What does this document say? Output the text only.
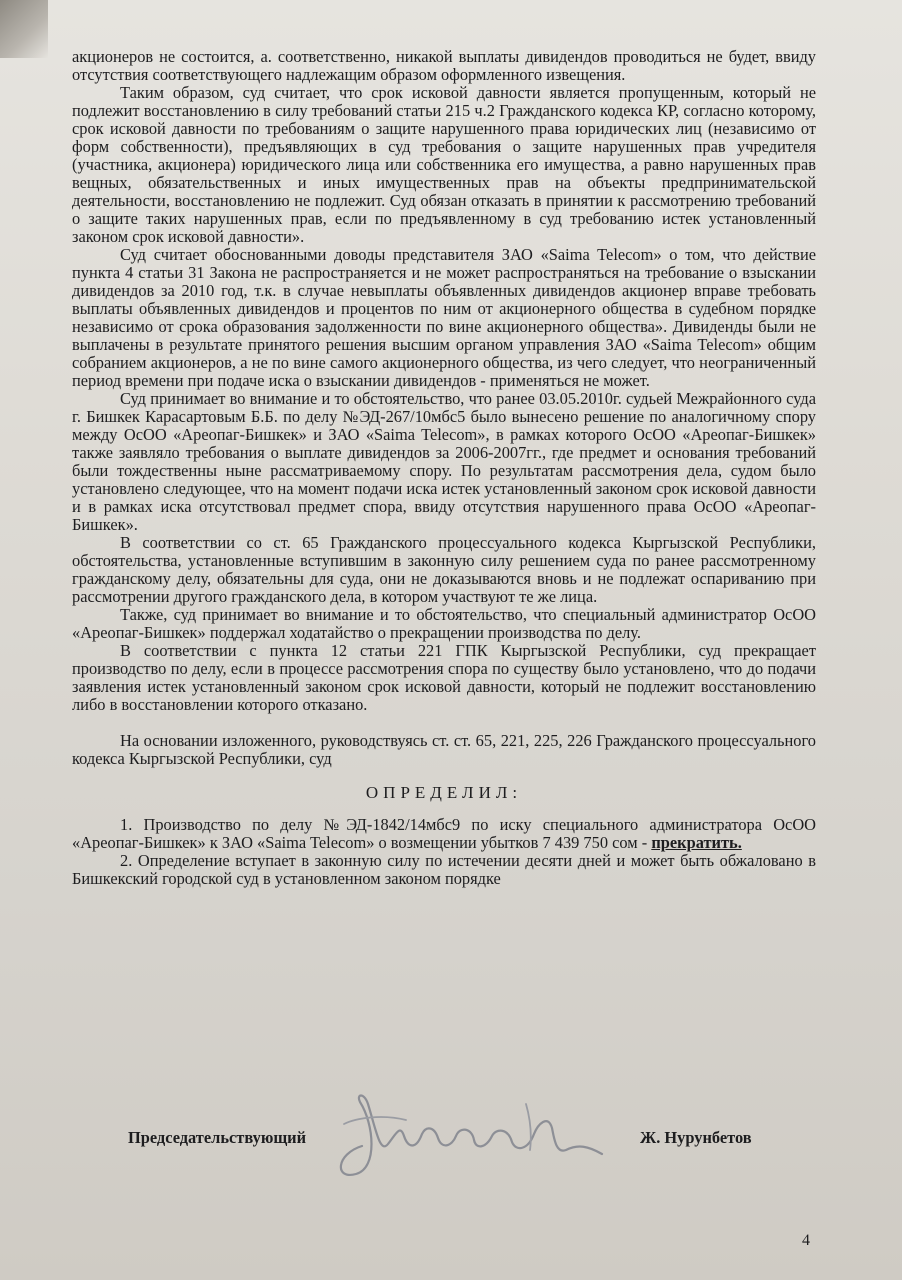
акционеров не состоится, а. соответственно, никакой выплаты дивидендов проводиться не будет, ввиду отсутствия соответствующего надлежащим образом оформленного извещения.

Таким образом, суд считает, что срок исковой давности является пропущенным, который не подлежит восстановлению в силу требований статьи 215 ч.2 Гражданского кодекса КР, согласно которому, срок исковой давности по требованиям о защите нарушенного права юридических лиц (независимо от форм собственности), предъявляющих в суд требования о защите нарушенных прав учредителя (участника, акционера) юридического лица или собственника его имущества, а равно нарушенных прав вещных, обязательственных и иных имущественных прав на объекты предпринимательской деятельности, восстановлению не подлежит. Суд обязан отказать в принятии к рассмотрению требований о защите таких нарушенных прав, если по предъявленному в суд требованию истек установленный законом срок исковой давности».

Суд считает обоснованными доводы представителя ЗАО «Saima Telecom» о том, что действие пункта 4 статьи 31 Закона не распространяется и не может распространяться на требование о взыскании дивидендов за 2010 год, т.к. в случае невыплаты объявленных дивидендов акционер вправе требовать выплаты объявленных дивидендов и процентов по ним от акционерного общества в судебном порядке независимо от срока образования задолженности по вине акционерного общества». Дивиденды были не выплачены в результате принятого решения высшим органом управления ЗАО «Saima Telecom» общим собранием акционеров, а не по вине самого акционерного общества, из чего следует, что неограниченный период времени при подаче иска о взыскании дивидендов - применяться не может.

Суд принимает во внимание и то обстоятельство, что ранее 03.05.2010г. судьей Межрайонного суда г. Бишкек Карасартовым Б.Б. по делу №ЭД-267/10мбс5 было вынесено решение по аналогичному спору между ОсОО «Ареопаг-Бишкек» и ЗАО «Saima Telecom», в рамках которого ОсОО «Ареопаг-Бишкек» также заявляло требования о выплате дивидендов за 2006-2007гг., где предмет и основания требований были тождественны ныне рассматриваемому спору. По результатам рассмотрения дела, судом было установлено следующее, что на момент подачи иска истек установленный законом срок исковой давности и в рамках иска отсутствовал предмет спора, ввиду отсутствия нарушенного права ОсОО «Ареопаг-Бишкек».

В соответствии со ст. 65 Гражданского процессуального кодекса Кыргызской Республики, обстоятельства, установленные вступившим в законную силу решением суда по ранее рассмотренному гражданскому делу, обязательны для суда, они не доказываются вновь и не подлежат оспариванию при рассмотрении другого гражданского дела, в котором участвуют те же лица.

Также, суд принимает во внимание и то обстоятельство, что специальный администратор ОсОО «Ареопаг-Бишкек» поддержал ходатайство о прекращении производства по делу.

В соответствии с пункта 12 статьи 221 ГПК Кыргызской Республики, суд прекращает производство по делу, если в процессе рассмотрения спора по существу было установлено, что до подачи заявления истек установленный законом срок исковой давности, который не подлежит восстановлению либо в восстановлении которого отказано.

На основании изложенного, руководствуясь ст. ст. 65, 221, 225, 226 Гражданского процессуального кодекса Кыргызской Республики, суд

ОПРЕДЕЛИЛ:

1. Производство по делу №ЭД-1842/14мбс9 по иску специального администратора ОсОО «Ареопаг-Бишкек» к ЗАО «Saima Telecom» о возмещении убытков 7 439 750 сом - прекратить.

2. Определение вступает в законную силу по истечении десяти дней и может быть обжаловано в Бишкекский городской суд в установленном законом порядке

Председательствующий	Ж. Нурунбетов
4
